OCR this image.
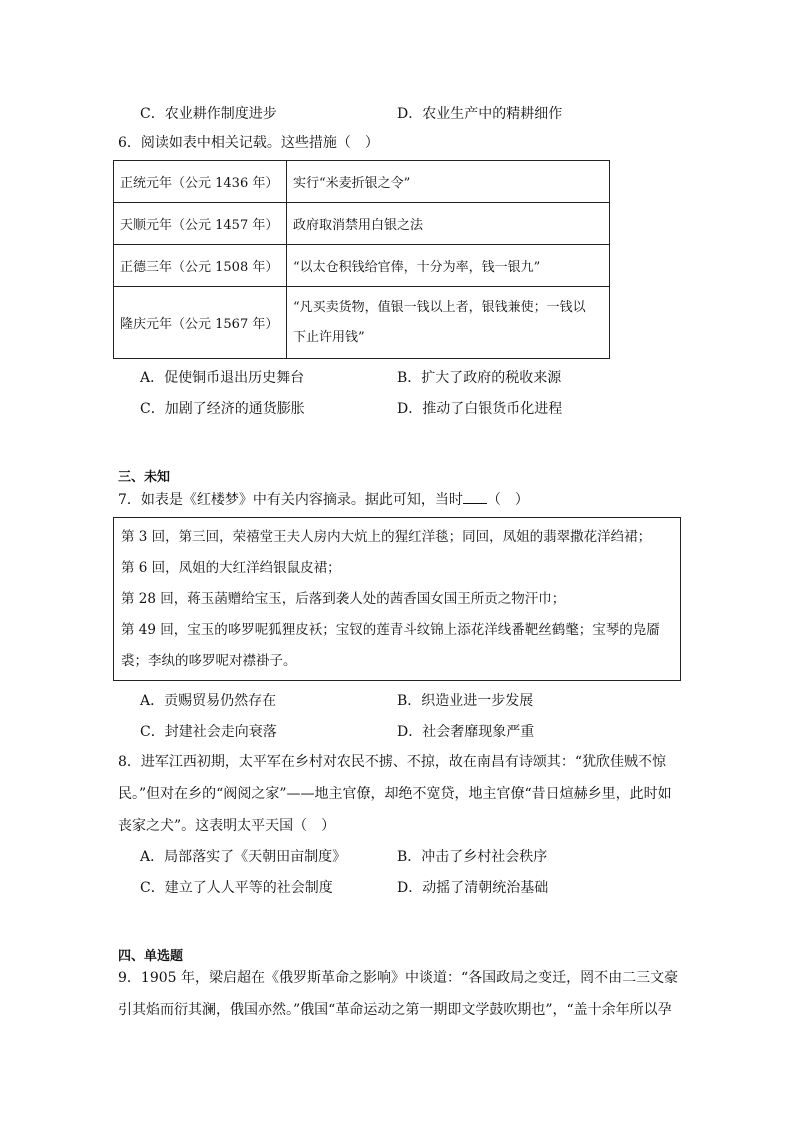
C．农业耕作制度进步	D．农业生产中的精耕细作
6．阅读如表中相关记载。这些措施（　）
正统元年（公元 1436 年）	实行“米麦折银之令”
天顺元年（公元 1457 年）	政府取消禁用白银之法
正德三年（公元 1508 年）	“以太仓积钱给官俸，十分为率，钱一银九”
隆庆元年（公元 1567 年）	“凡买卖货物，值银一钱以上者，银钱兼使；一钱以
下止许用钱”
A．促使铜币退出历史舞台	B．扩大了政府的税收来源
C．加剧了经济的通货膨胀	D．推动了白银货币化进程
三、未知
7．如表是《红楼梦》中有关内容摘录。据此可知，当时 （　）
第 3 回，第三回，荣禧堂王夫人房内大炕上的猩红洋毯；同回，凤姐的翡翠撒花洋绉裙；
第 6 回，凤姐的大红洋绉银鼠皮裙；
第 28 回，蒋玉菡赠给宝玉，后落到袭人处的茜香国女国王所贡之物汗巾；
第 49 回，宝玉的哆罗呢狐狸皮袄；宝钗的莲青斗纹锦上添花洋线番靶丝鹤氅；宝琴的凫靥
裘；李纨的哆罗呢对襟褂子。
A．贡赐贸易仍然存在	B．织造业进一步发展
C．封建社会走向衰落	D．社会奢靡现象严重
8．进军江西初期，太平军在乡村对农民不掳、不掠，故在南昌有诗颂其：“犹欣佳贼不惊
民。”但对在乡的“阀阅之家”——地主官僚，却绝不宽贷，地主官僚“昔日煊赫乡里，此时如
丧家之犬”。这表明太平天国（　）
A．局部落实了《天朝田亩制度》	B．冲击了乡村社会秩序
C．建立了人人平等的社会制度	D．动摇了清朝统治基础
四、单选题
9．1905 年，梁启超在《俄罗斯革命之影响》中谈道：“各国政局之变迁，罔不由二三文豪
引其焰而衍其澜，俄国亦然。”俄国“革命运动之第一期即文学鼓吹期也”，“盖十余年所以孕
